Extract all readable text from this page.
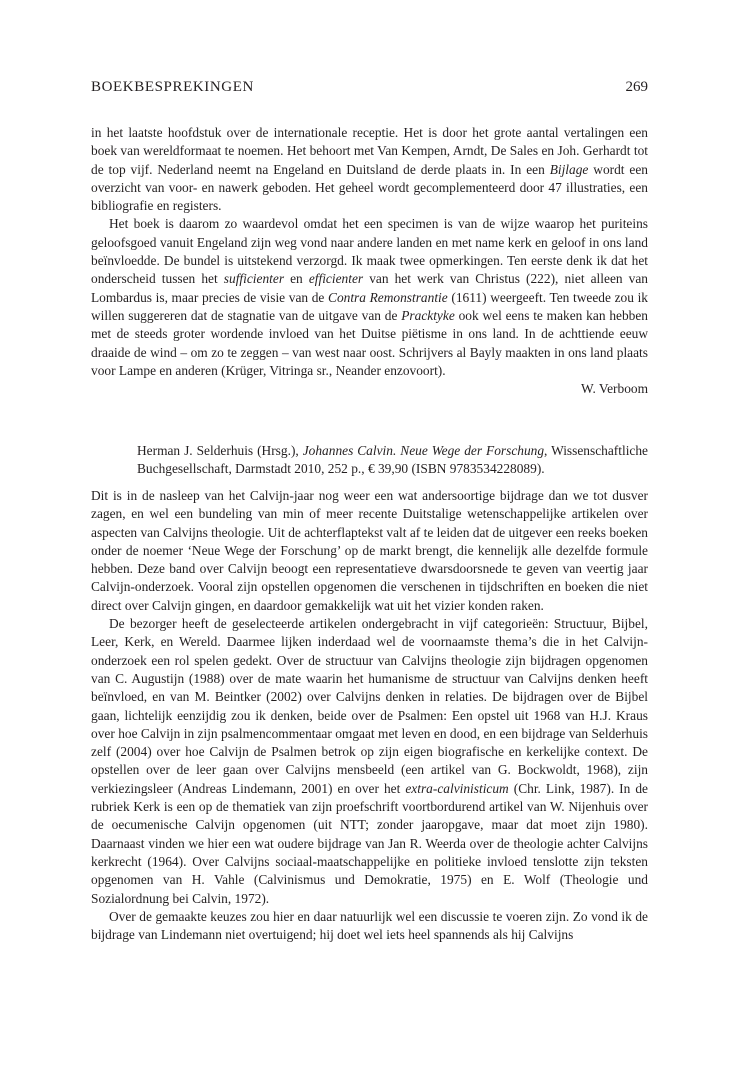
BOEKBESPREKINGEN	269

in het laatste hoofdstuk over de internationale receptie. Het is door het grote aantal vertalingen een boek van wereldformaat te noemen. Het behoort met Van Kempen, Arndt, De Sales en Joh. Gerhardt tot de top vijf. Nederland neemt na Engeland en Duitsland de derde plaats in. In een Bijlage wordt een overzicht van voor- en nawerk geboden. Het geheel wordt gecomplementeerd door 47 illustraties, een bibliografie en registers.

Het boek is daarom zo waardevol omdat het een specimen is van de wijze waarop het puriteins geloofsgoed vanuit Engeland zijn weg vond naar andere landen en met name kerk en geloof in ons land beïnvloedde. De bundel is uitstekend verzorgd. Ik maak twee opmerkingen. Ten eerste denk ik dat het onderscheid tussen het sufficienter en efficienter van het werk van Christus (222), niet alleen van Lombardus is, maar precies de visie van de Contra Remonstrantie (1611) weergeeft. Ten tweede zou ik willen suggereren dat de stagnatie van de uitgave van de Pracktyke ook wel eens te maken kan hebben met de steeds groter wordende invloed van het Duitse piëtisme in ons land. In de achttiende eeuw draaide de wind – om zo te zeggen – van west naar oost. Schrijvers al Bayly maakten in ons land plaats voor Lampe en anderen (Krüger, Vitringa sr., Neander enzovoort).

W. Verboom

Herman J. Selderhuis (Hrsg.), Johannes Calvin. Neue Wege der Forschung, Wissenschaftliche Buchgesellschaft, Darmstadt 2010, 252 p., € 39,90 (ISBN 9783534228089).

Dit is in de nasleep van het Calvijn-jaar nog weer een wat andersoortige bijdrage dan we tot dusver zagen, en wel een bundeling van min of meer recente Duitstalige wetenschappelijke artikelen over aspecten van Calvijns theologie. Uit de achterflaptekst valt af te leiden dat de uitgever een reeks boeken onder de noemer ‘Neue Wege der Forschung’ op de markt brengt, die kennelijk alle dezelfde formule hebben. Deze band over Calvijn beoogt een representatieve dwarsdoorsnede te geven van veertig jaar Calvijn-onderzoek. Vooral zijn opstellen opgenomen die verschenen in tijdschriften en boeken die niet direct over Calvijn gingen, en daardoor gemakkelijk wat uit het vizier konden raken.

De bezorger heeft de geselecteerde artikelen ondergebracht in vijf categorieën: Structuur, Bijbel, Leer, Kerk, en Wereld. Daarmee lijken inderdaad wel de voornaamste thema’s die in het Calvijn-onderzoek een rol spelen gedekt. Over de structuur van Calvijns theologie zijn bijdragen opgenomen van C. Augustijn (1988) over de mate waarin het humanisme de structuur van Calvijns denken heeft beïnvloed, en van M. Beintker (2002) over Calvijns denken in relaties. De bijdragen over de Bijbel gaan, lichtelijk eenzijdig zou ik denken, beide over de Psalmen: Een opstel uit 1968 van H.J. Kraus over hoe Calvijn in zijn psalmencommentaar omgaat met leven en dood, en een bijdrage van Selderhuis zelf (2004) over hoe Calvijn de Psalmen betrok op zijn eigen biografische en kerkelijke context. De opstellen over de leer gaan over Calvijns mensbeeld (een artikel van G. Bockwoldt, 1968), zijn verkiezingsleer (Andreas Lindemann, 2001) en over het extra-calvinisticum (Chr. Link, 1987). In de rubriek Kerk is een op de thematiek van zijn proefschrift voortbordurend artikel van W. Nijenhuis over de oecumenische Calvijn opgenomen (uit NTT; zonder jaaropgave, maar dat moet zijn 1980). Daarnaast vinden we hier een wat oudere bijdrage van Jan R. Weerda over de theologie achter Calvijns kerkrecht (1964). Over Calvijns sociaal-maatschappelijke en politieke invloed tenslotte zijn teksten opgenomen van H. Vahle (Calvinismus und Demokratie, 1975) en E. Wolf (Theologie und Sozialordnung bei Calvin, 1972).

Over de gemaakte keuzes zou hier en daar natuurlijk wel een discussie te voeren zijn. Zo vond ik de bijdrage van Lindemann niet overtuigend; hij doet wel iets heel spannends als hij Calvijns
